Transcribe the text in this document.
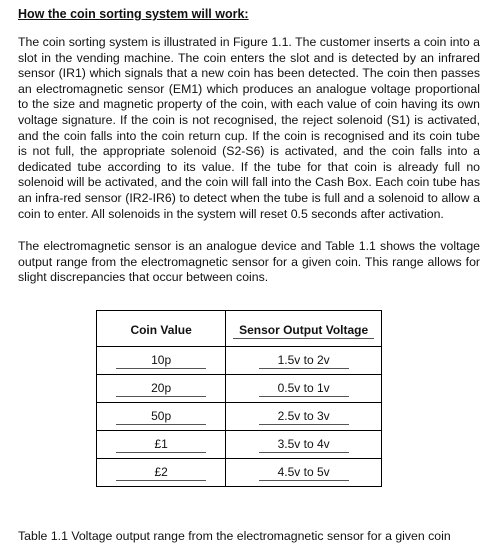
How the coin sorting system will work:

The coin sorting system is illustrated in Figure 1.1. The customer inserts a coin into a slot in the vending machine. The coin enters the slot and is detected by an infrared sensor (IR1) which signals that a new coin has been detected. The coin then passes an electromagnetic sensor (EM1) which produces an analogue voltage proportional to the size and magnetic property of the coin, with each value of coin having its own voltage signature. If the coin is not recognised, the reject solenoid (S1) is activated, and the coin falls into the coin return cup. If the coin is recognised and its coin tube is not full, the appropriate solenoid (S2-S6) is activated, and the coin falls into a dedicated tube according to its value. If the tube for that coin is already full no solenoid will be activated, and the coin will fall into the Cash Box. Each coin tube has an infra-red sensor (IR2-IR6) to detect when the tube is full and a solenoid to allow a coin to enter. All solenoids in the system will reset 0.5 seconds after activation.

The electromagnetic sensor is an analogue device and Table 1.1 shows the voltage output range from the electromagnetic sensor for a given coin. This range allows for slight discrepancies that occur between coins.

Coin Value	Sensor Output Voltage

10p	1.5v to 2v

20p	0.5v to 1v

50p	2.5v to 3v

£1	3.5v to 4v

£2	4.5v to 5v

Table 1.1 Voltage output range from the electromagnetic sensor for a given coin
